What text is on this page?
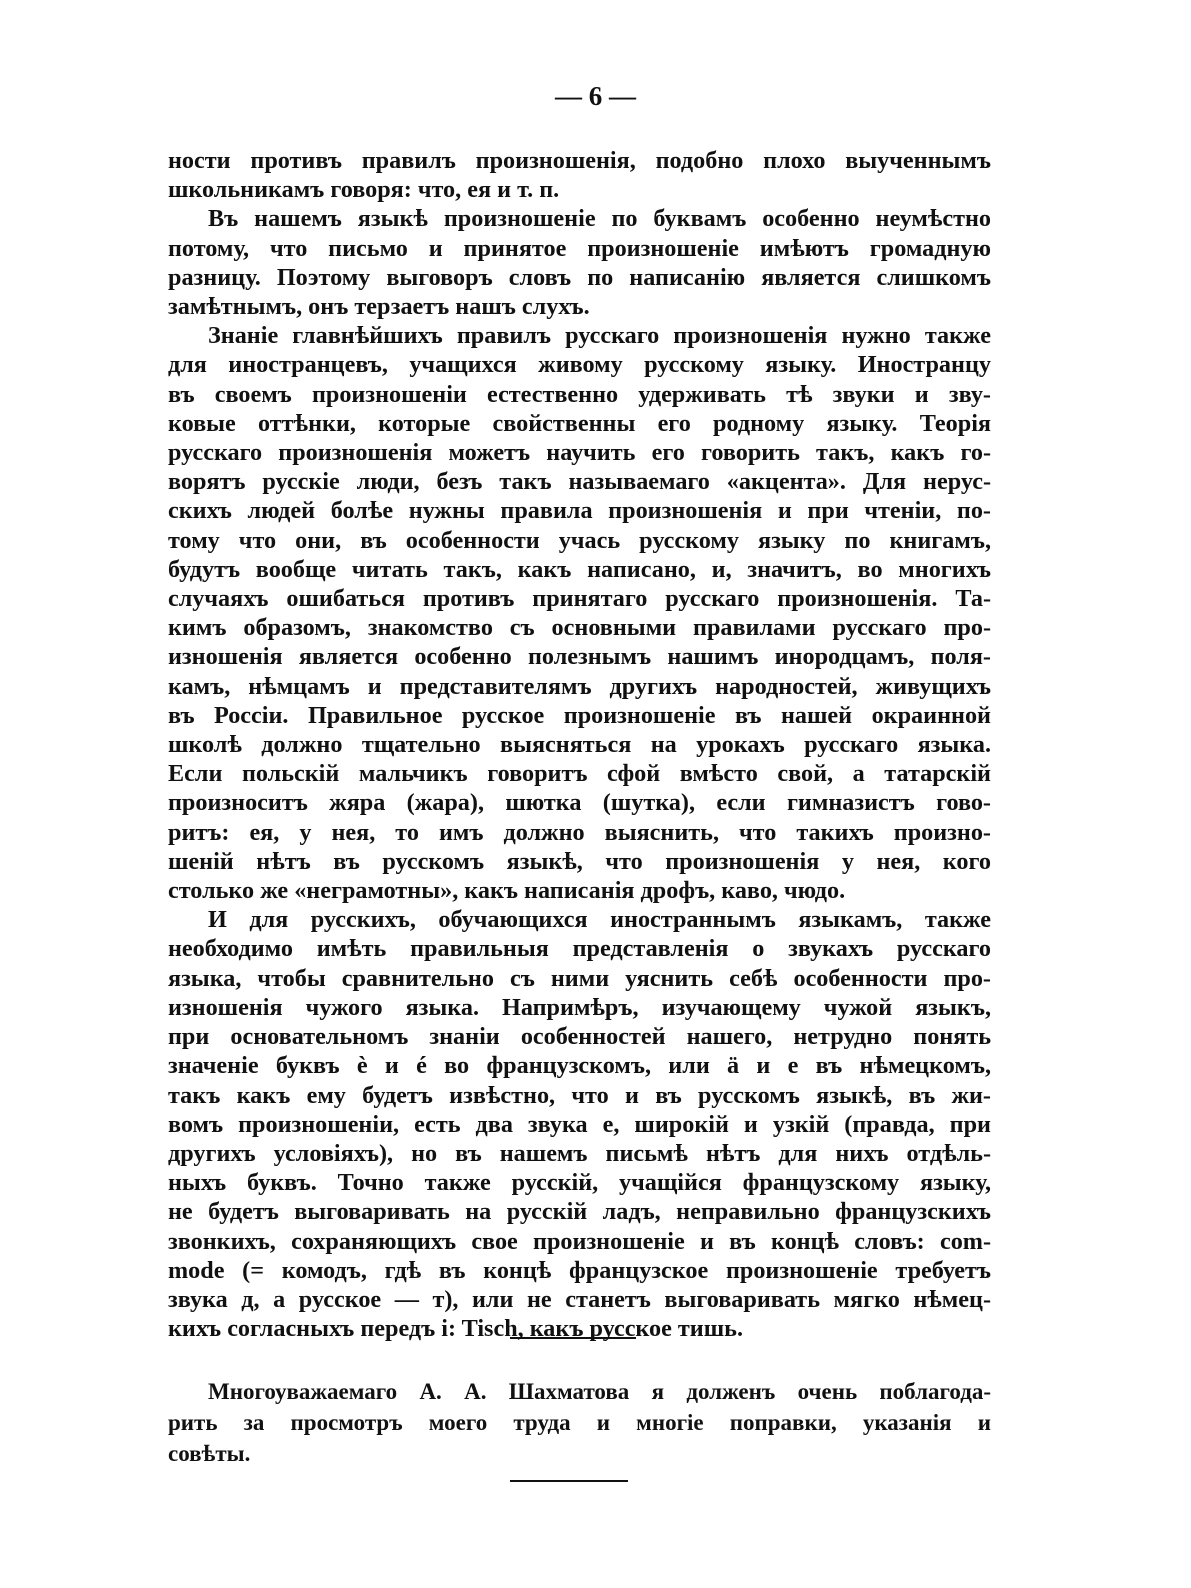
— 6 —
ности противъ правилъ произношенія, подобно плохо выученнымъ
школьникамъ говоря: что, ея и т. п.
Въ нашемъ языкѣ произношеніе по буквамъ особенно неумѣстно
потому, что письмо и принятое произношеніе имѣютъ громадную
разницу. Поэтому выговоръ словъ по написанію является слишкомъ
замѣтнымъ, онъ терзаетъ нашъ слухъ.
Знаніе главнѣйшихъ правилъ русскаго произношенія нужно также
для иностранцевъ, учащихся живому русскому языку. Иностранцу
въ своемъ произношеніи естественно удерживать тѣ звуки и зву-
ковые оттѣнки, которые свойственны его родному языку. Теорія
русскаго произношенія можетъ научить его говорить такъ, какъ го-
ворятъ русскіе люди, безъ такъ называемаго «акцента». Для нерус-
скихъ людей болѣе нужны правила произношенія и при чтеніи, по-
тому что они, въ особенности учась русскому языку по книгамъ,
будутъ вообще читать такъ, какъ написано, и, значитъ, во многихъ
случаяхъ ошибаться противъ принятаго русскаго произношенія. Та-
кимъ образомъ, знакомство съ основными правилами русскаго про-
изношенія является особенно полезнымъ нашимъ инородцамъ, поля-
камъ, нѣмцамъ и представителямъ другихъ народностей, живущихъ
въ Россіи. Правильное русское произношеніе въ нашей окраинной
школѣ должно тщательно выясняться на урокахъ русскаго языка.
Если польскій мальчикъ говоритъ сфой вмѣсто свой, а татарскій
произноситъ жяра (жара), шютка (шутка), если гимназистъ гово-
ритъ: ея, у нея, то имъ должно выяснить, что такихъ произно-
шеній нѣтъ въ русскомъ языкѣ, что произношенія у нея, кого
столько же «неграмотны», какъ написанія дрофъ, каво, чюдо.
И для русскихъ, обучающихся иностраннымъ языкамъ, также
необходимо имѣть правильныя представленія о звукахъ русскаго
языка, чтобы сравнительно съ ними уяснить себѣ особенности про-
изношенія чужого языка. Напримѣръ, изучающему чужой языкъ,
при основательномъ знаніи особенностей нашего, нетрудно понять
значеніе буквъ è и é во французскомъ, или ä и e въ нѣмецкомъ,
такъ какъ ему будетъ извѣстно, что и въ русскомъ языкѣ, въ жи-
вомъ произношеніи, есть два звука е, широкій и узкій (правда, при
другихъ условіяхъ), но въ нашемъ письмѣ нѣтъ для нихъ отдѣль-
ныхъ буквъ. Точно также русскій, учащійся французскому языку,
не будетъ выговаривать на русскій ладъ, неправильно французскихъ
звонкихъ, сохраняющихъ свое произношеніе и въ концѣ словъ: com-
mode (= комодъ, гдѣ въ концѣ французское произношеніе требуетъ
звука д, а русское — т), или не станетъ выговаривать мягко нѣмец-
кихъ согласныхъ передъ i: Tisch, какъ русское тишь.
Многоуважаемаго А. А. Шахматова я долженъ очень поблагода-
рить за просмотръ моего труда и многіе поправки, указанія и
совѣты.
